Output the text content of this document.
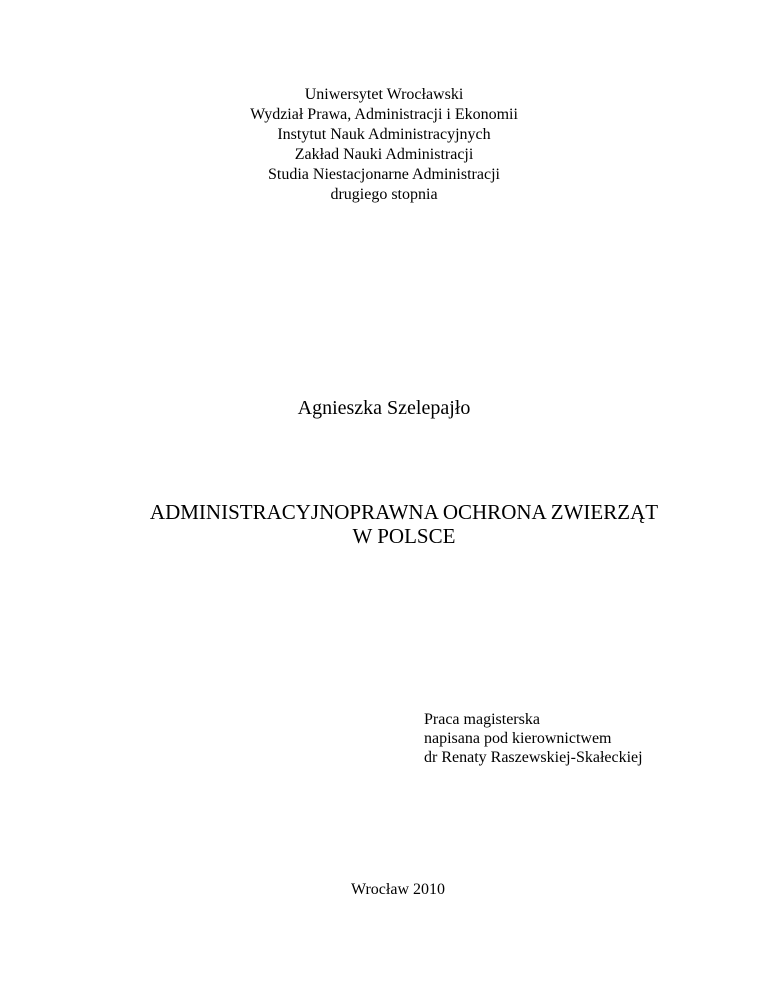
Uniwersytet Wrocławski
Wydział Prawa, Administracji i Ekonomii
Instytut Nauk Administracyjnych
Zakład Nauki Administracji
Studia Niestacjonarne Administracji
drugiego stopnia
Agnieszka Szelepajło
ADMINISTRACYJNOPRAWNA OCHRONA ZWIERZĄT
W POLSCE
Praca magisterska
napisana pod kierownictwem
dr Renaty Raszewskiej-Skałeckiej
Wrocław 2010
